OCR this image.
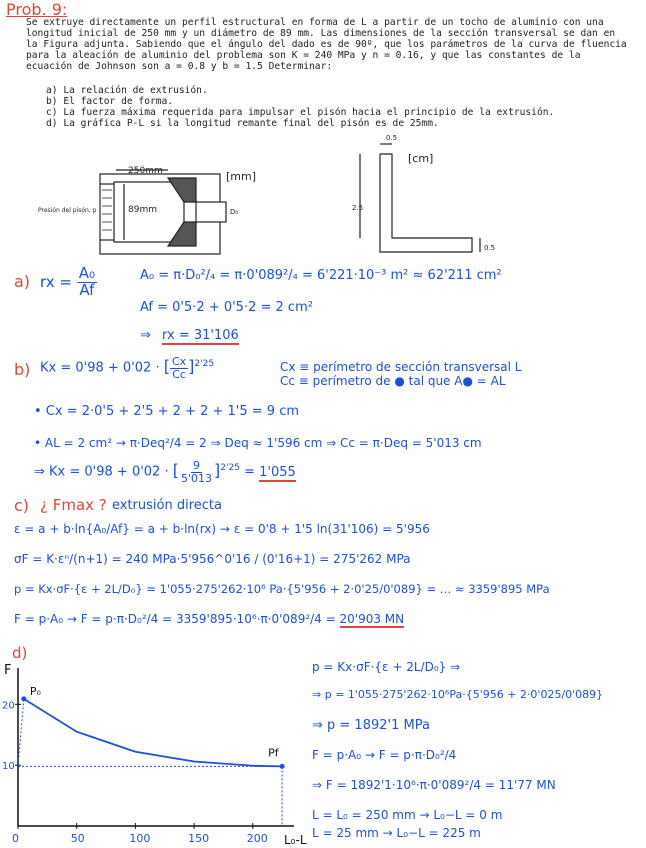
Prob. 9:
Se extruye directamente un perfil estructural en forma de L a partir de un tocho de aluminio con una
longitud inicial de 250 mm y un diámetro de 89 mm. Las dimensiones de la sección transversal se dan en
la Figura adjunta. Sabiendo que el ángulo del dado es de 90º, que los parámetros de la curva de fluencia
para la aleación de aluminio del problema son K = 240 MPa y n = 0.16, y que las constantes de la
ecuación de Johnson son a = 0.8 y b = 1.5 Determinar:
a) La relación de extrusión.
b) El factor de forma.
c) La fuerza máxima requerida para impulsar el pisón hacia el principio de la extrusión.
d) La gráfica P-L si la longitud remante final del pisón es de 25mm.
250mm
89mm
[mm]
Presión del pisón, p	D₀
0.5
2.5
0.5
[cm]
a) rx = $\frac{\text{A₀}}{Af}$	A₀ = π·D₀²/₄ = π·0'089²/₄ = 6'221·10⁻³ m² ≈ 62'211 cm²
Af = 0'5·2 + 0'5·2 = 2 cm²
⇒ rx = 31'106
b) Kx = 0'98 + 0'02 · [ $\frac{Cx}{Cc} ]^{2'25}$	Cx ≡ perímetro de sección transversal L
Cc ≡ perímetro de ● tal que A● = AL
• Cx = 2·0'5 + 2'5 + 2 + 2 + 1'5 = 9 cm
• AL = 2 cm² → π·Deq²/4 = 2 ⇒ Deq ≈ 1'596 cm ⇒ Cc = π·Deq = 5'013 cm
⇒ Kx = 0'98 + 0'02 · [ $\frac{9}{5'013} ]^{2'25} = 1'055$
c) ¿ Fmax ? extrusión directa
ε = a + b·ln{A₀/Af} = a + b·ln(rx) → ε = 0'8 + 1'5 ln(31'106) = 5'956
σF = K·εⁿ/(n+1) = 240 MPa·5'956^0'16 / (0'16+1) = 275'262 MPa
p = Kx·σF·{ε + 2L/D₀} = 1'055·275'262·10⁶ Pa·{5'956 + 2·0'25/0'089} = … ≈ 3359'895 MPa
F = p·A₀ → F = p·π·D₀²/4 = 3359'895·10⁶·π·0'089²/4 = 20'903 MN
d)
0	50	100	150	200
10
20
P₀
Pf
F
L₀-L
p = Kx·σF·{ε + 2L/D₀} ⇒
⇒ p = 1'055·275'262·10⁶Pa·{5'956 + 2·0'025/0'089}
⇒ p = 1892'1 MPa
F = p·A₀ → F = p·π·D₀²/4
⇒ F = 1892'1·10⁶·π·0'089²/4 = 11'77 MN
L = L₀ = 250 mm → L₀−L = 0 m
L = 25 mm → L₀−L = 225 m
